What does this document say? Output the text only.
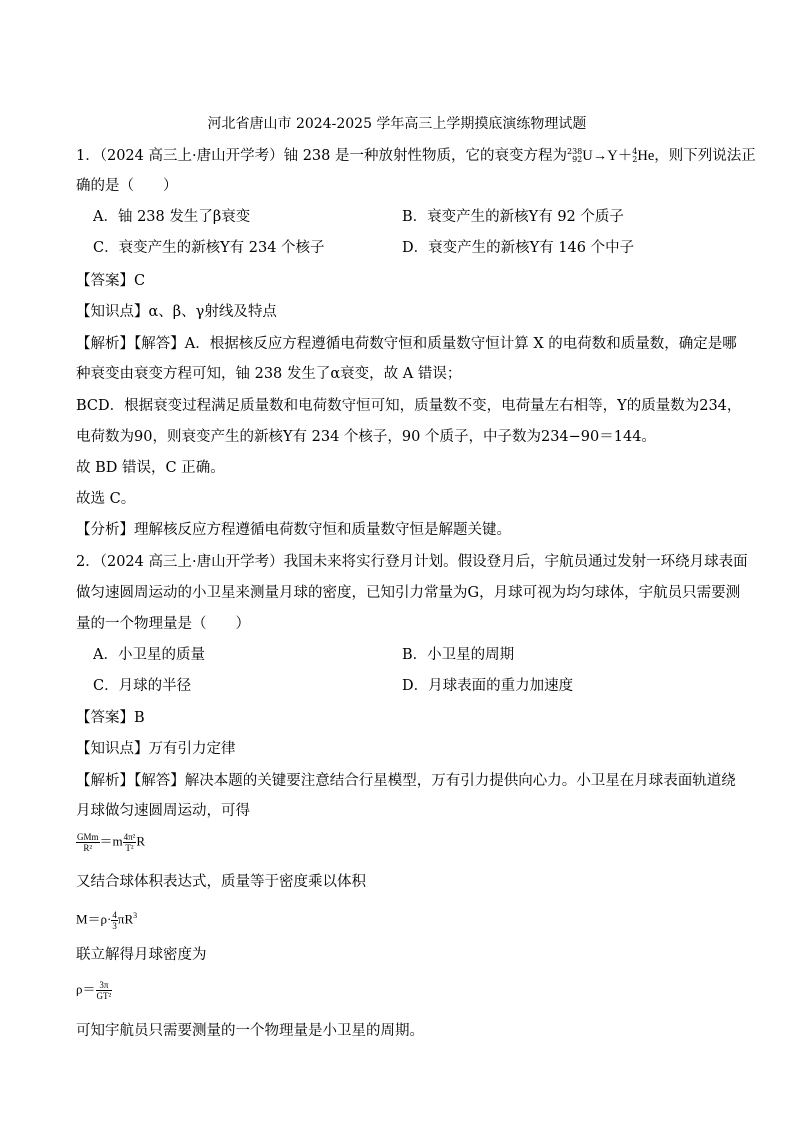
河北省唐山市 2024-2025 学年高三上学期摸底演练物理试题
1．（2024 高三上·唐山开学考）铀 238 是一种放射性物质，它的衰变方程为 238
92 U→Y＋ 4
2 He，则下列说法正
确的是（　　）
A．铀 238 发生了β衰变	B．衰变产生的新核Y有 92 个质子
C．衰变产生的新核Y有 234 个核子	D．衰变产生的新核Y有 146 个中子
【答案】C
【知识点】α、β、γ射线及特点
【解析】【解答】A．根据核反应方程遵循电荷数守恒和质量数守恒计算 X 的电荷数和质量数，确定是哪
种衰变由衰变方程可知，铀 238 发生了α衰变，故 A 错误；
BCD．根据衰变过程满足质量数和电荷数守恒可知，质量数不变，电荷量左右相等，Y的质量数为234，
电荷数为90，则衰变产生的新核Y有 234 个核子，90 个质子，中子数为234−90＝144。
故 BD 错误，C 正确。
故选 C。
【分析】理解核反应方程遵循电荷数守恒和质量数守恒是解题关键。
2．（2024 高三上·唐山开学考）我国未来将实行登月计划。假设登月后，宇航员通过发射一环绕月球表面
做匀速圆周运动的小卫星来测量月球的密度，已知引力常量为G，月球可视为均匀球体，宇航员只需要测
量的一个物理量是（　　）
A．小卫星的质量	B．小卫星的周期
C．月球的半径	D．月球表面的重力加速度
【答案】B
【知识点】万有引力定律
【解析】【解答】解决本题的关键要注意结合行星模型，万有引力提供向心力。小卫星在月球表面轨道绕
月球做匀速圆周运动，可得
$\frac{\text{GMm}}{\text{R²}} =m \frac{\text{4π²}}{\text{T²}}$ R
又结合球体积表达式，质量等于密度乘以体积
$M=\rho\cdot \frac{4}{3} \pi R^3$
联立解得月球密度为
$\rho= \frac{3\pi}{\text{GT²}}$
可知宇航员只需要测量的一个物理量是小卫星的周期。
